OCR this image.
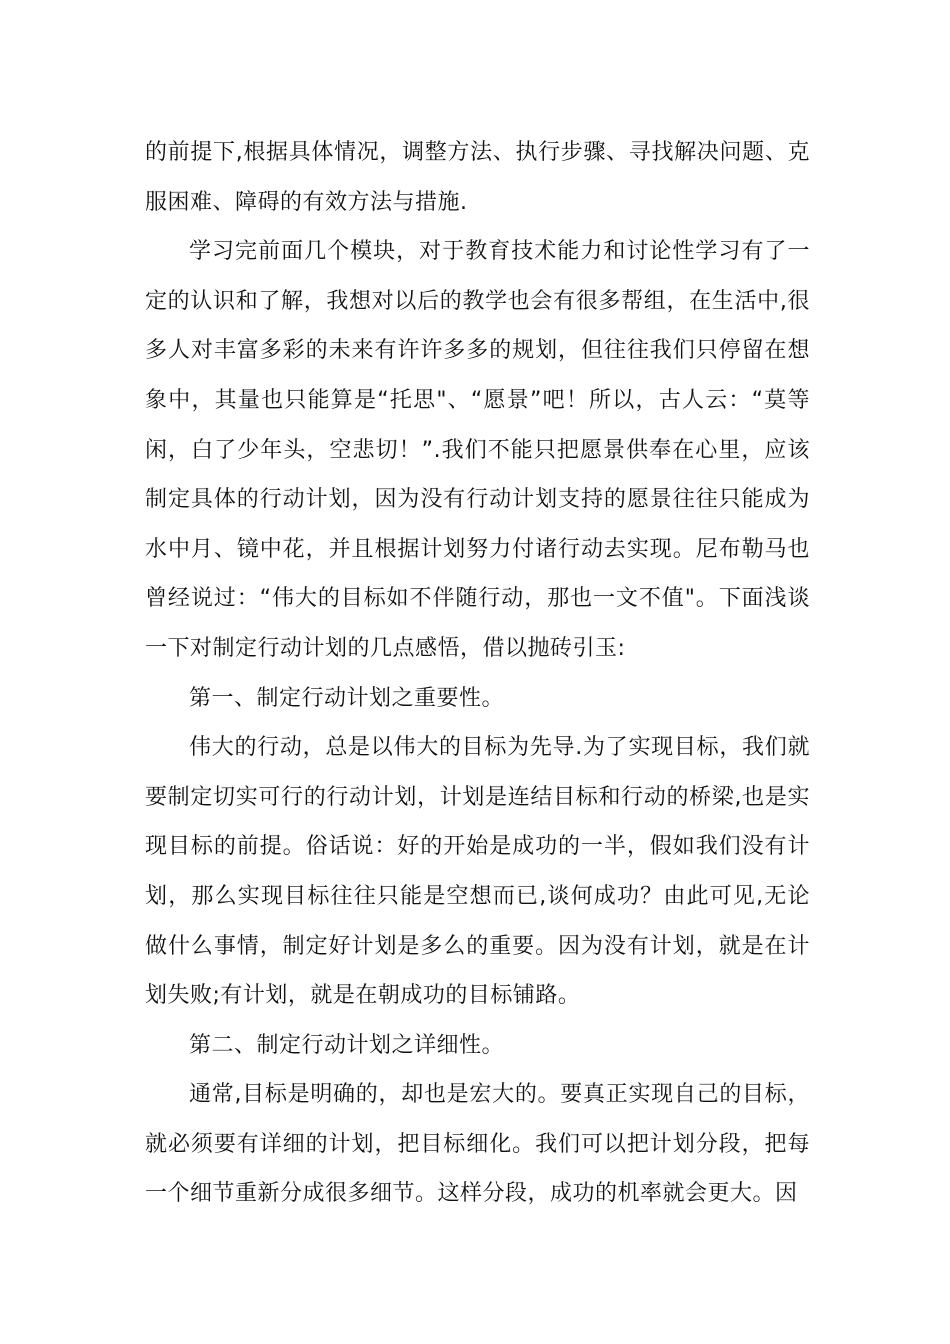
的前提下,根据具体情况，调整方法、执行步骤、寻找解决问题、克服困难、障碍的有效方法与措施.

学习完前面几个模块，对于教育技术能力和讨论性学习有了一定的认识和了解，我想对以后的教学也会有很多帮组，在生活中,很多人对丰富多彩的未来有许许多多的规划，但往往我们只停留在想象中，其量也只能算是“托思"、“愿景”吧！所以，古人云：“莫等闲，白了少年头，空悲切！”.我们不能只把愿景供奉在心里，应该制定具体的行动计划，因为没有行动计划支持的愿景往往只能成为水中月、镜中花，并且根据计划努力付诸行动去实现。尼布勒马也曾经说过：“伟大的目标如不伴随行动，那也一文不值"。下面浅谈一下对制定行动计划的几点感悟，借以抛砖引玉:

第一、制定行动计划之重要性。

伟大的行动，总是以伟大的目标为先导.为了实现目标，我们就要制定切实可行的行动计划，计划是连结目标和行动的桥梁,也是实现目标的前提。俗话说：好的开始是成功的一半，假如我们没有计划，那么实现目标往往只能是空想而已,谈何成功？由此可见,无论做什么事情，制定好计划是多么的重要。因为没有计划，就是在计划失败;有计划，就是在朝成功的目标铺路。

第二、制定行动计划之详细性。

通常,目标是明确的，却也是宏大的。要真正实现自己的目标，就必须要有详细的计划，把目标细化。我们可以把计划分段，把每一个细节重新分成很多细节。这样分段，成功的机率就会更大。因
